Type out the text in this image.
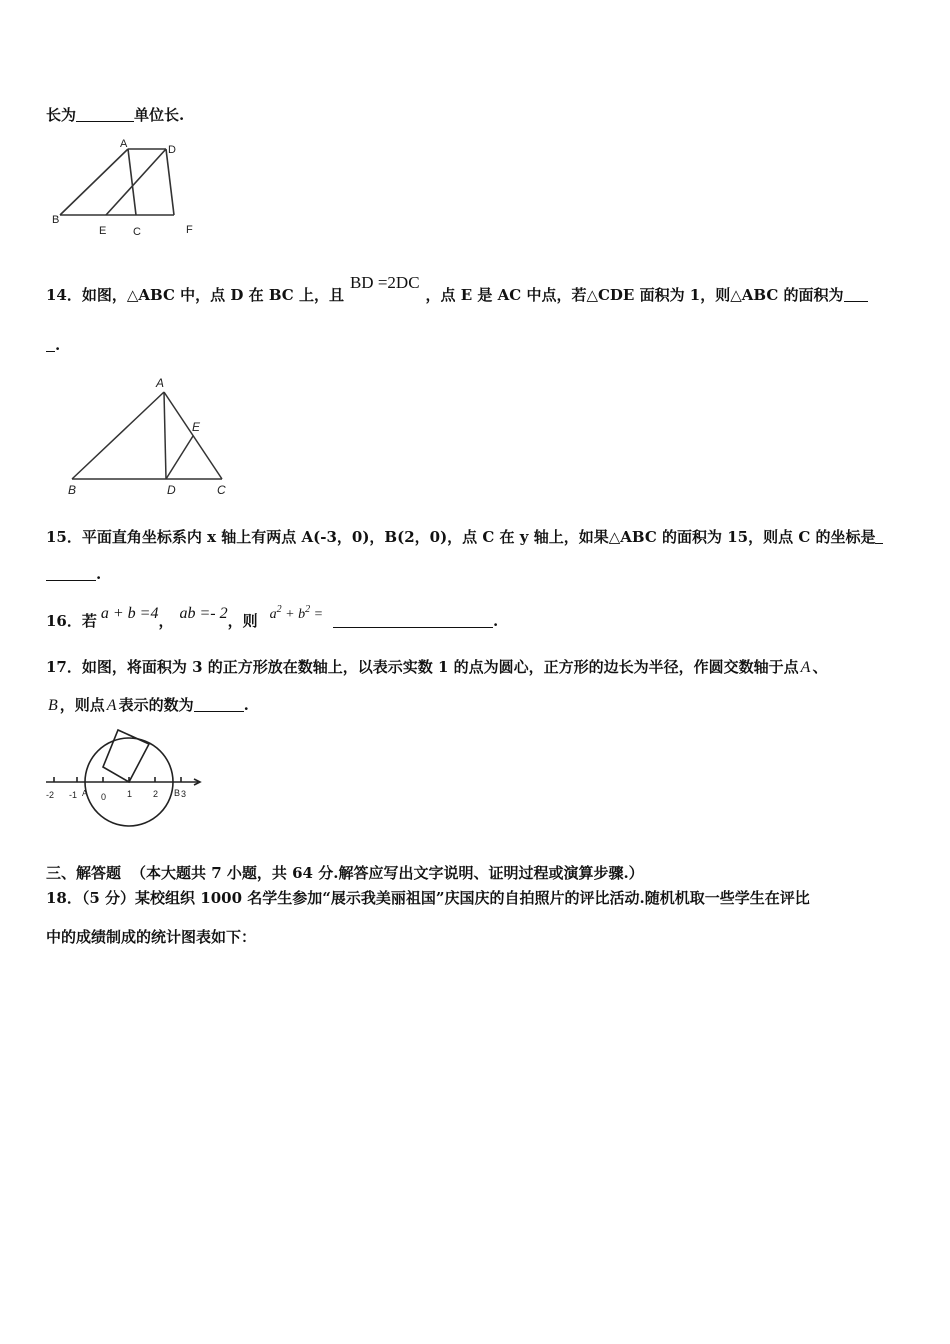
长为	单位长.
A	D
B
E C	F
14．如图，△ABC 中，点 D 在 BC 上，且BD =2DC，点 E 是 AC 中点，若△CDE 面积为 1，则△ABC 的面积为
.
A
E
B	D	C
15．平面直角坐标系内 x 轴上有两点 A(-3，0)，B(2，0)，点 C 在 y 轴上，如果△ABC 的面积为 15，则点 C 的坐标是
.
16．若 a + b =4， ab =- 2，则 $a^2 + b^2$ =	.
17．如图，将面积为 3 的正方形放在数轴上，以表示实数 1 的点为圆心，正方形的边长为半径，作圆交数轴于点 A 、
B ，则点 A 表示的数为	.
-2 -1 A 0 1 2 B 3
三、解答题 （本大题共 7 小题，共 64 分.解答应写出文字说明、证明过程或演算步骤.）
18．（5 分）某校组织 1000 名学生参加“展示我美丽祖国”庆国庆的自拍照片的评比活动.随机机取一些学生在评比
中的成绩制成的统计图表如下：
